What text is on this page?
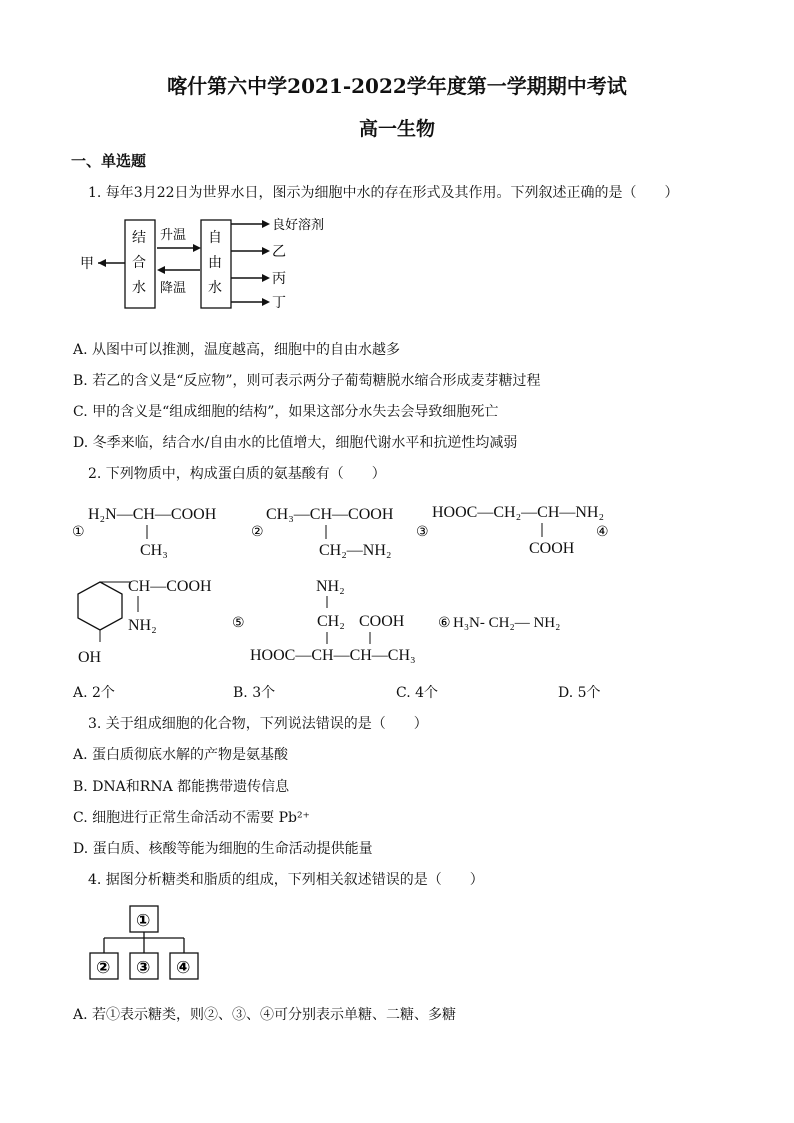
喀什第六中学2021-2022学年度第一学期期中考试
高一生物
一、单选题
1. 每年3月22日为世界水日，图示为细胞中水的存在形式及其作用。下列叙述正确的是（　　）
甲
结
合
水
升温
降温
自
由
水
良好溶剂
乙
丙
丁
A. 从图中可以推测，温度越高，细胞中的自由水越多
B. 若乙的含义是“反应物”，则可表示两分子葡萄糖脱水缩合形成麦芽糖过程
C. 甲的含义是“组成细胞的结构”，如果这部分水失去会导致细胞死亡
D. 冬季来临，结合水/自由水的比值增大，细胞代谢水平和抗逆性均减弱
2. 下列物质中，构成蛋白质的氨基酸有（　　）
①
H₂N—CH—COOH
CH₃
②
CH₃—CH—COOH
CH₂—NH₂
③
HOOC—CH₂—CH—NH₂
COOH
④
OH
CH—COOH
NH₂	⑤
NH₂
CH₂ COOH
HOOC—CH—CH—CH₃
⑥ H₃N- CH₂— NH₂
A. 2个	B. 3个	C. 4个	D. 5个
3. 关于组成细胞的化合物，下列说法错误的是（　　）
A. 蛋白质彻底水解的产物是氨基酸
B. DNA和RNA 都能携带遗传信息
C. 细胞进行正常生命活动不需要 Pb²⁺
D. 蛋白质、核酸等能为细胞的生命活动提供能量
4. 据图分析糖类和脂质的组成，下列相关叙述错误的是（　　）
①
② ③ ④
A. 若①表示糖类，则②、③、④可分别表示单糖、二糖、多糖
